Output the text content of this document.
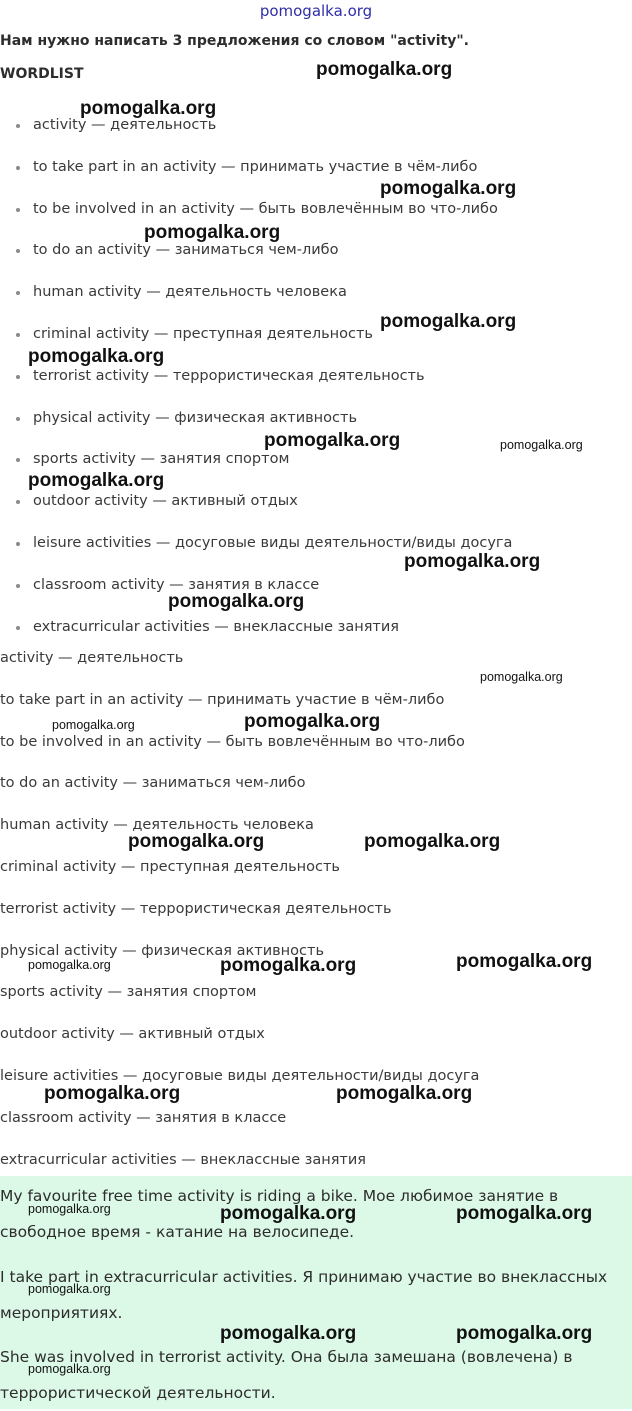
pomogalka.org
Нам нужно написать 3 предложения со словом "activity".
WORDLIST
activity — деятельность
to take part in an activity — принимать участие в чём-либо
to be involved in an activity — быть вовлечённым во что-либо
to do an activity — заниматься чем-либо
human activity — деятельность человека
criminal activity — преступная деятельность
terrorist activity — террористическая деятельность
physical activity — физическая активность
sports activity — занятия спортом
outdoor activity — активный отдых
leisure activities — досуговые виды деятельности/виды досуга
classroom activity — занятия в классе
extracurricular activities — внеклассные занятия
activity — деятельность
to take part in an activity — принимать участие в чём-либо
to be involved in an activity — быть вовлечённым во что-либо
to do an activity — заниматься чем-либо
human activity — деятельность человека
criminal activity — преступная деятельность
terrorist activity — террористическая деятельность
physical activity — физическая активность
sports activity — занятия спортом
outdoor activity — активный отдых
leisure activities — досуговые виды деятельности/виды досуга
classroom activity — занятия в классе
extracurricular activities — внеклассные занятия
My favourite free time activity is riding a bike. Мое любимое занятие в свободное время - катание на велосипеде.
I take part in extracurricular activities. Я принимаю участие во внеклассных мероприятиях.
She was involved in terrorist activity. Она была замешана (вовлечена) в террористической деятельности.
pomogalka.org
pomogalka.org
pomogalka.org
pomogalka.org
pomogalka.org
pomogalka.org
pomogalka.org	pomogalka.org
pomogalka.org
pomogalka.org
pomogalka.org
pomogalka.org
pomogalka.org
pomogalka.org
pomogalka.org	pomogalka.org
pomogalka.org
pomogalka.org	pomogalka.org
pomogalka.org	pomogalka.org
pomogalka.org	pomogalka.org	pomogalka.org
pomogalka.org
pomogalka.org	pomogalka.org
pomogalka.org
